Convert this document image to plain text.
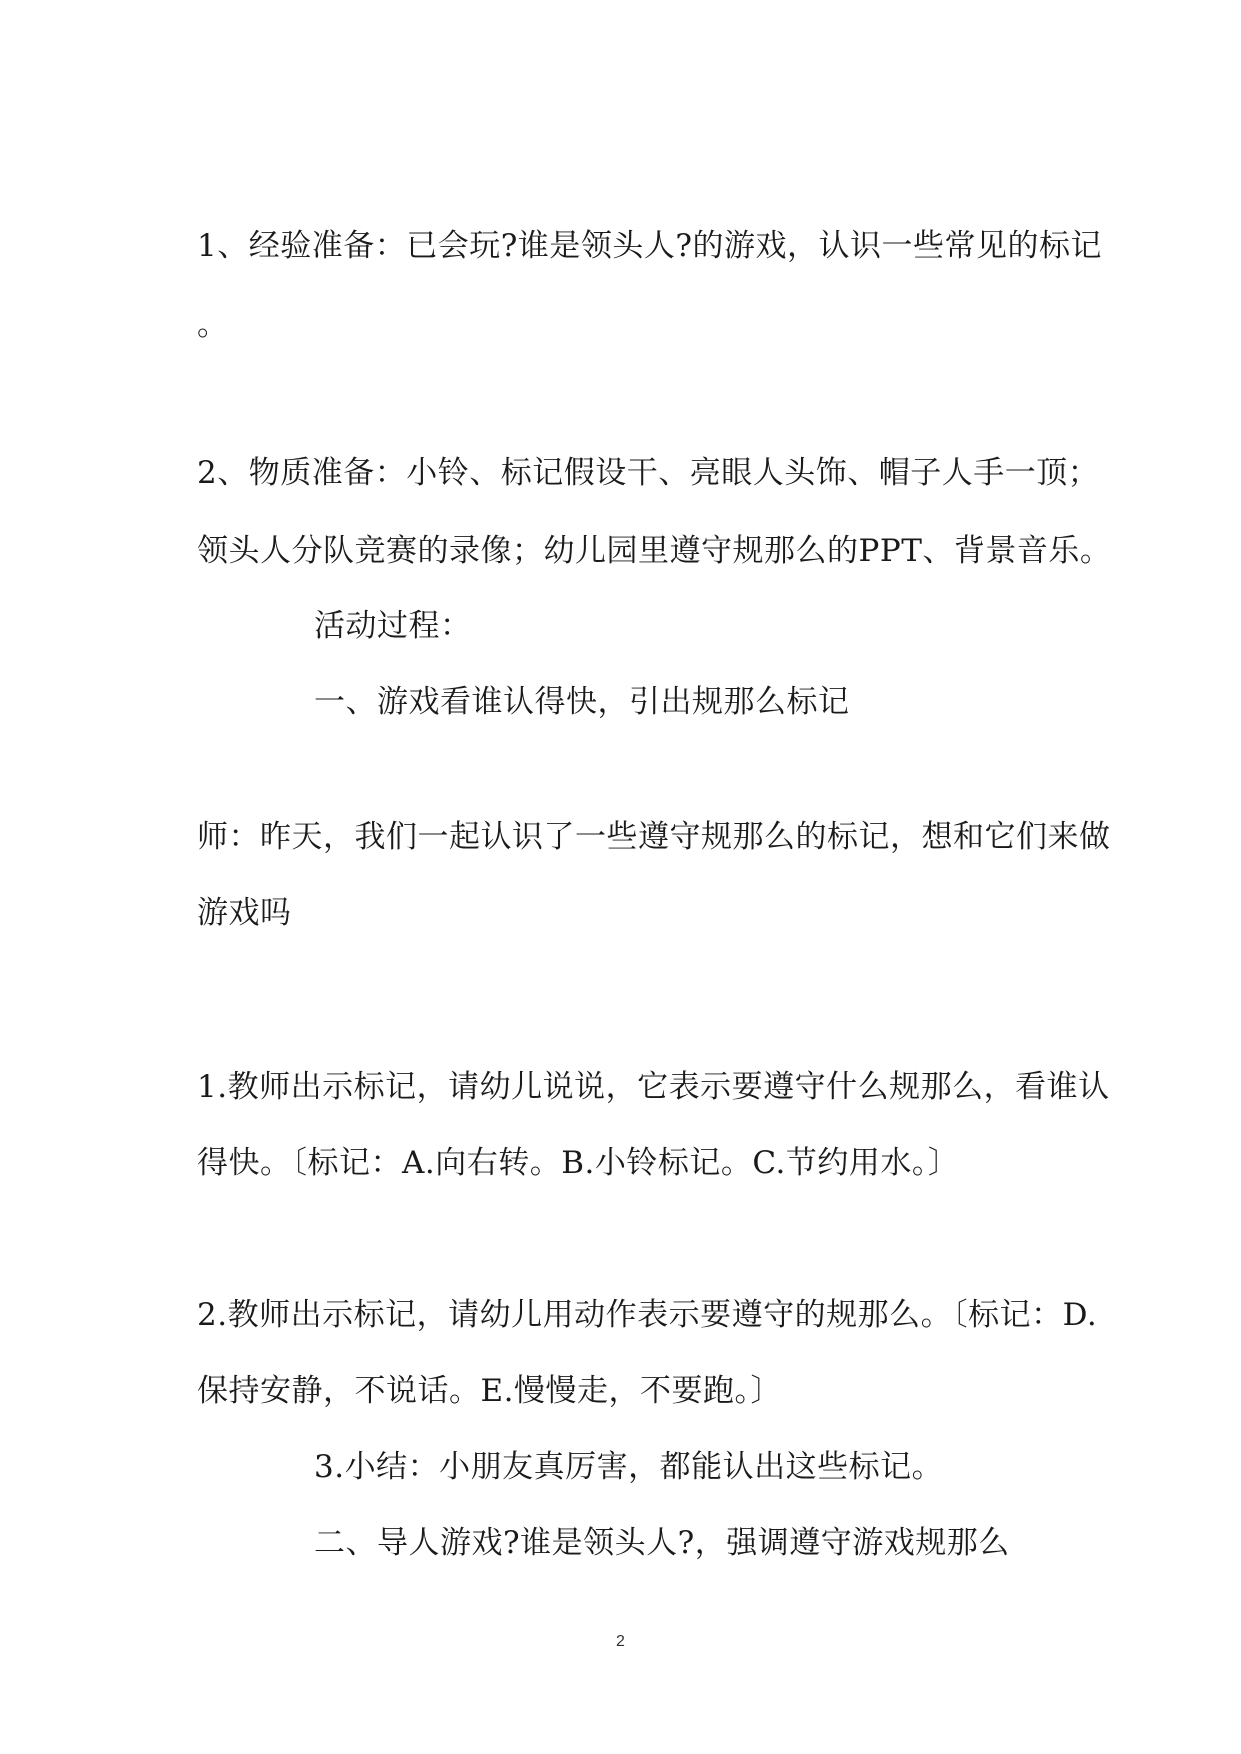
1、经验准备：已会玩?谁是领头人?的游戏，认识一些常见的标记
。
2、物质准备：小铃、标记假设干、亮眼人头饰、帽子人手一顶；
领头人分队竞赛的录像；幼儿园里遵守规那么的PPT、背景音乐。
活动过程：
一、游戏看谁认得快，引出规那么标记
师：昨天，我们一起认识了一些遵守规那么的标记，想和它们来做
游戏吗
1.教师出示标记，请幼儿说说，它表示要遵守什么规那么，看谁认
得快。〔标记：A.向右转。B.小铃标记。C.节约用水。〕
2.教师出示标记，请幼儿用动作表示要遵守的规那么。〔标记：D.
保持安静，不说话。E.慢慢走，不要跑。〕
3.小结：小朋友真厉害，都能认出这些标记。
二、导人游戏?谁是领头人?，强调遵守游戏规那么
2
